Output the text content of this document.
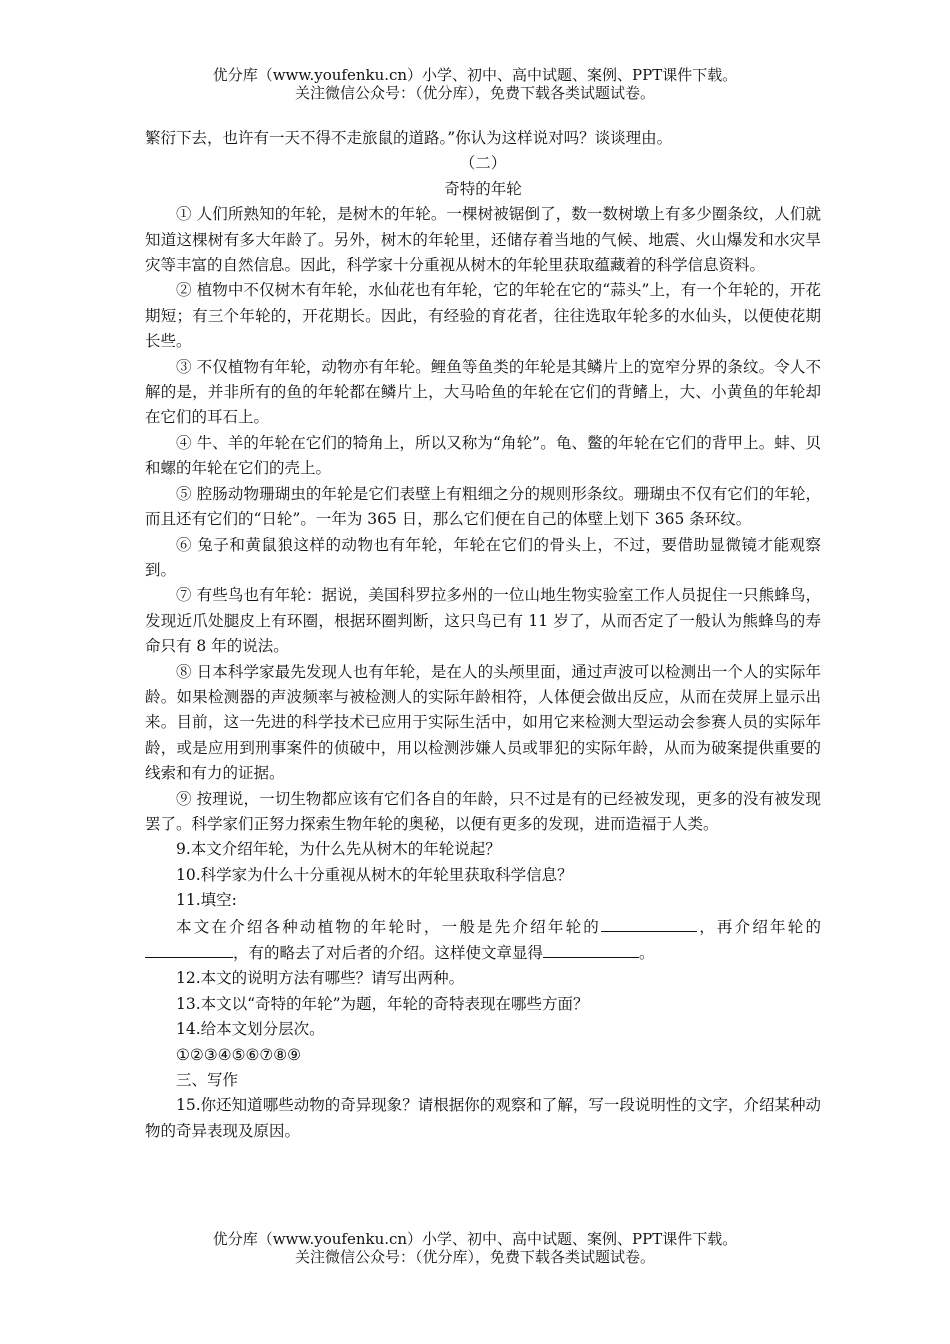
优分库（www.youfenku.cn）小学、初中、高中试题、案例、PPT课件下载。
关注微信公众号：（优分库），免费下载各类试题试卷。

繁衍下去，也许有一天不得不走旅鼠的道路。”你认为这样说对吗？谈谈理由。

（二）

奇特的年轮

① 人们所熟知的年轮，是树木的年轮。一棵树被锯倒了，数一数树墩上有多少圈条纹，人们就知道这棵树有多大年龄了。另外，树木的年轮里，还储存着当地的气候、地震、火山爆发和水灾旱灾等丰富的自然信息。因此，科学家十分重视从树木的年轮里获取蕴藏着的科学信息资料。

② 植物中不仅树木有年轮，水仙花也有年轮，它的年轮在它的“蒜头”上，有一个年轮的，开花期短；有三个年轮的，开花期长。因此，有经验的育花者，往往选取年轮多的水仙头，以便使花期长些。

③ 不仅植物有年轮，动物亦有年轮。鲤鱼等鱼类的年轮是其鳞片上的宽窄分界的条纹。令人不解的是，并非所有的鱼的年轮都在鳞片上，大马哈鱼的年轮在它们的背鳍上，大、小黄鱼的年轮却在它们的耳石上。

④ 牛、羊的年轮在它们的犄角上，所以又称为“角轮”。龟、鳖的年轮在它们的背甲上。蚌、贝和螺的年轮在它们的壳上。

⑤ 腔肠动物珊瑚虫的年轮是它们表壁上有粗细之分的规则形条纹。珊瑚虫不仅有它们的年轮，而且还有它们的“日轮”。一年为 365 日，那么它们便在自己的体壁上划下 365 条环纹。

⑥ 兔子和黄鼠狼这样的动物也有年轮，年轮在它们的骨头上，不过，要借助显微镜才能观察到。

⑦ 有些鸟也有年轮：据说，美国科罗拉多州的一位山地生物实验室工作人员捉住一只熊蜂鸟，发现近爪处腿皮上有环圈，根据环圈判断，这只鸟已有 11 岁了，从而否定了一般认为熊蜂鸟的寿命只有 8 年的说法。

⑧ 日本科学家最先发现人也有年轮，是在人的头颅里面，通过声波可以检测出一个人的实际年龄。如果检测器的声波频率与被检测人的实际年龄相符，人体便会做出反应，从而在荧屏上显示出来。目前，这一先进的科学技术已应用于实际生活中，如用它来检测大型运动会参赛人员的实际年龄，或是应用到刑事案件的侦破中，用以检测涉嫌人员或罪犯的实际年龄，从而为破案提供重要的线索和有力的证据。

⑨ 按理说，一切生物都应该有它们各自的年龄，只不过是有的已经被发现，更多的没有被发现罢了。科学家们正努力探索生物年轮的奥秘，以便有更多的发现，进而造福于人类。

9.本文介绍年轮，为什么先从树木的年轮说起？

10.科学家为什么十分重视从树木的年轮里获取科学信息？

11.填空:

本文在介绍各种动植物的年轮时，一般是先介绍年轮的	，再介绍年轮的，有的略去了对后者的介绍。这样使文章显得	。

12.本文的说明方法有哪些？请写出两种。

13.本文以“奇特的年轮”为题，年轮的奇特表现在哪些方面？

14.给本文划分层次。

①②③④⑤⑥⑦⑧⑨

三、写作

15.你还知道哪些动物的奇异现象？请根据你的观察和了解，写一段说明性的文字，介绍某种动物的奇异表现及原因。

优分库（www.youfenku.cn）小学、初中、高中试题、案例、PPT课件下载。
关注微信公众号：（优分库），免费下载各类试题试卷。
